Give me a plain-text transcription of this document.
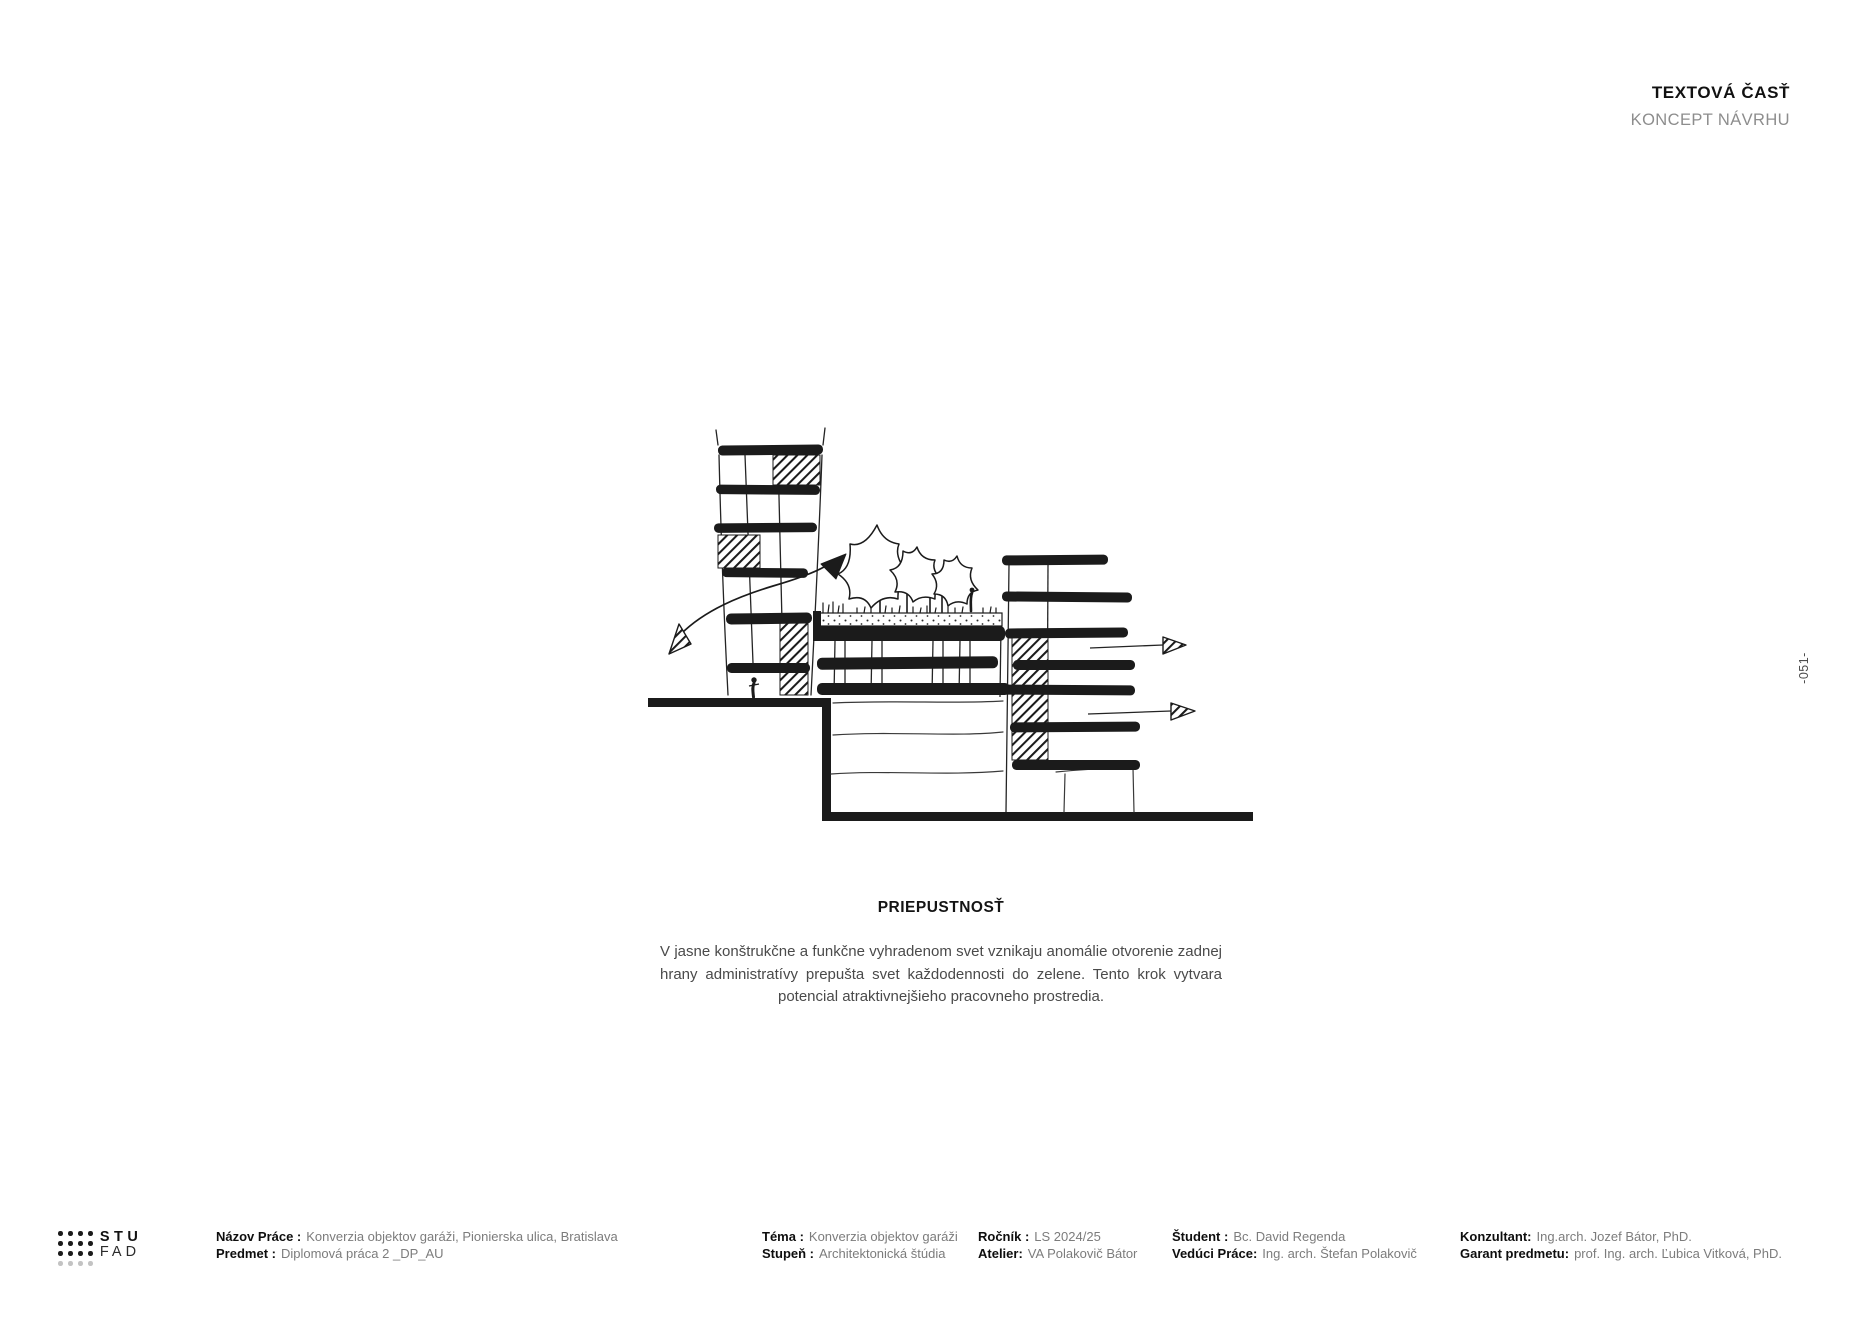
TEXTOVÁ ČASŤ
KONCEPT NÁVRHU
-051-
PRIEPUSTNOSŤ

V jasne konštrukčne a funkčne vyhradenom svet vznikaju anomálie otvorenie zadnej hrany administratívy prepušta svet každodennosti do zelene. Tento krok vytvara potencial atraktivnejšieho pracovneho prostredia.

STU
FAD
Názov Práce : Konverzia objektov garáži, Pionierska ulica, Bratislava
Predmet : Diplomová práca 2 _DP_AU
Téma : Konverzia objektov garáži
Stupeň : Architektonická štúdia
Ročník : LS 2024/25
Atelier: VA Polakovič Bátor
Študent : Bc. David Regenda
Vedúci Práce: Ing. arch. Štefan Polakovič
Konzultant: Ing.arch. Jozef Bátor, PhD.
Garant predmetu: prof. Ing. arch. Ľubica Vitková, PhD.
